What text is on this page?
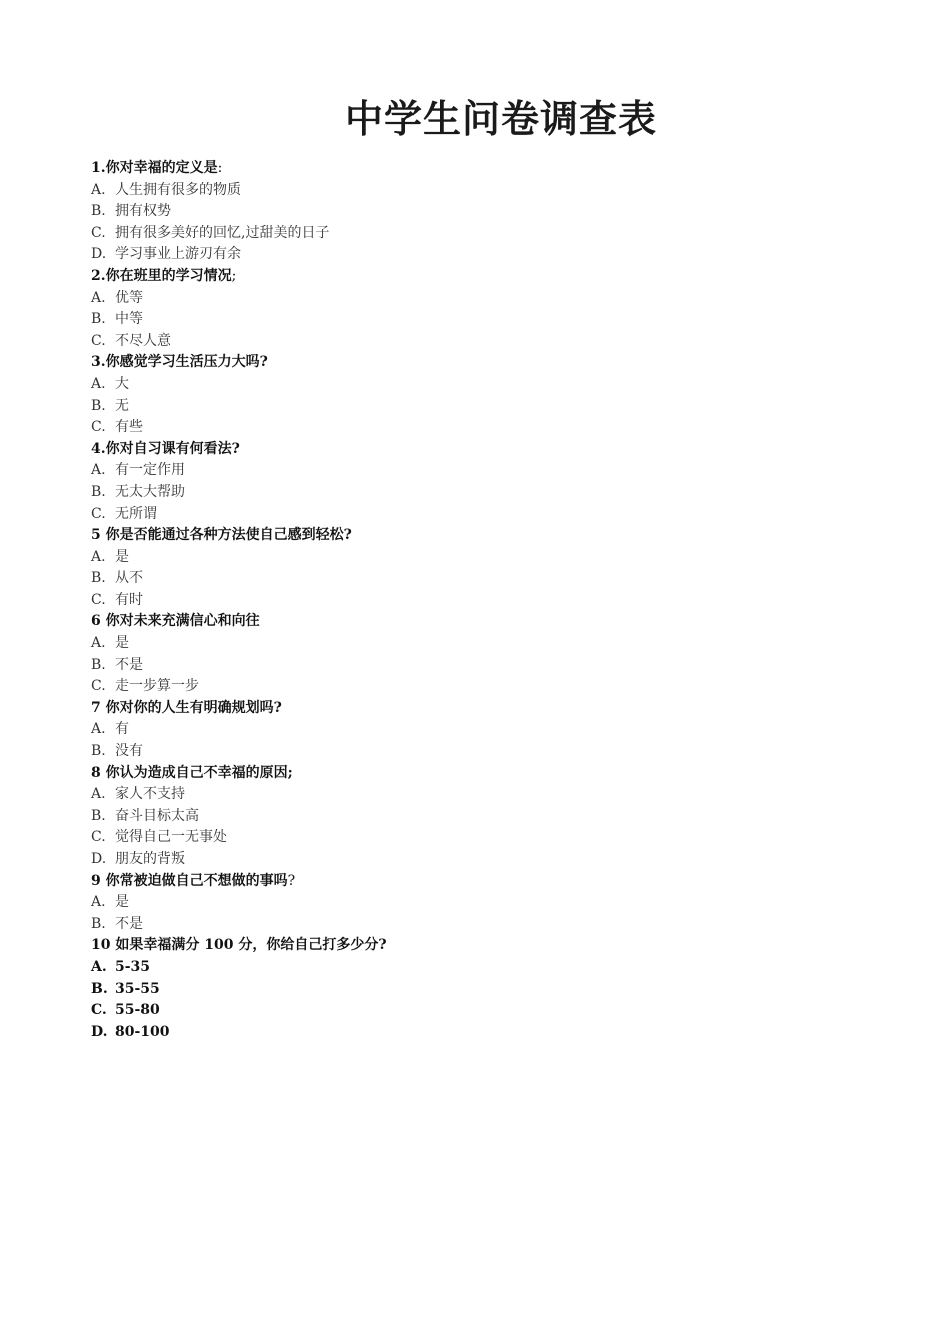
中学生问卷调查表
1.你对幸福的定义是:
A. 人生拥有很多的物质
B. 拥有权势
C. 拥有很多美好的回忆,过甜美的日子
D. 学习事业上游刃有余
2.你在班里的学习情况;
A. 优等
B. 中等
C. 不尽人意
3.你感觉学习生活压力大吗?
A. 大
B. 无
C. 有些
4.你对自习课有何看法?
A. 有一定作用
B. 无太大帮助
C. 无所谓
5 你是否能通过各种方法使自己感到轻松?
A. 是
B. 从不
C. 有时
6 你对未来充满信心和向往
A. 是
B. 不是
C. 走一步算一步
7 你对你的人生有明确规划吗?
A. 有
B. 没有
8 你认为造成自己不幸福的原因;
A. 家人不支持
B. 奋斗目标太高
C. 觉得自己一无事处
D. 朋友的背叛
9 你常被迫做自己不想做的事吗?
A. 是
B. 不是
10 如果幸福满分 100 分，你给自己打多少分?
A. 5-35
B. 35-55
C. 55-80
D. 80-100
